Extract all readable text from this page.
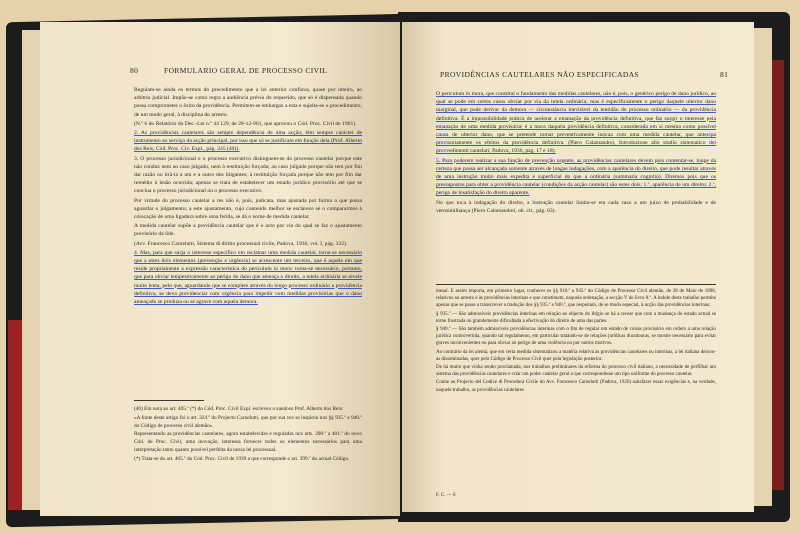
80	FORMULARIO GERAL DE PROCESSO CIVIL

Regulam-se ainda os termos do procedimento que a lei anterior confiava, quase por inteiro, ao arbítrio judicial. Impõe-se como regra a audiência prévia do requerido, que só é dispensada quando possa comprometer o êxito da providência. Permitem-se embargos a esta e sujeita-se o procedimento, de um modo geral, à disciplina do arresto.

(N.º 6 do Relatório do Dec.-Lei n.º 44 129, de 28-12-961, que aprovou o Cód. Proc. Civil de 1961).

2. As providências cautelares são sempre dependência de uma acção; têm sempre carácter de instrumento ao serviço da acção principal, por isso que só se justificam em função dela (Prof. Alberto dos Reis, Cód. Proc. Civ. Expl., pág. 245 (40)).

3. O processo jurisdicional e o processo executivo distinguem-se do processo cautelar porque este não conduz nem ao caso julgado, nem à restituição forçada; ao caso julgado porque não tem por fim dar razão ou tirá-la a um e a outro dos litigantes; à restituição forçada porque não tem por fim dar remédio à lesão ocorrida; apenas se trata de estabelecer um estado jurídico provisório até que se conclua o processo jurisdicional ou o processo executivo.

Por virtude do processo cautelar a res não é, pois, judicata, mas ajustada por forma a que possa aguardar o julgamento; a este ajustamento, cujo conteúdo melhor se esclarece se o compararmos à colocação de uma ligadura sobre uma ferida, se dá o nome de medida cautelar.

A medida cautelar supõe a providência cautelar que é o acto por via do qual se faz o ajustamento provisório da lide.

(Avv. Francesco Carnelutti, Sistema di diritto processual civile, Padova, 1936, vol. I, pág. 332).

4. Mas, para que surja o interesse específico em reclamar uma medida cautelar, torna-se necessário que a estes dois elementos (prevenção e urgência) se acrescente um terceiro, que é aquele em que reside propriamente a expressão característica do periculum in mora: torna-se necessário, portanto, que para obviar tempestivamente ao perigo do dano que ameaça o direito, a tutela ordinária se revele muito lenta, pelo que, aguardando que se complete através do longo processo ordinário a providência definitiva, se deva providenciar com urgência para impedir com medidas provisórias que o dano ameaçado se produza ou se agrave com aquela demora.

(40) Em nota ao art. 405.º (*) do Cód. Proc. Civil Expl. escreveu o saudoso Prof. Alberto dos Reis:

«A fonte deste artigo foi o art. 324.º do Projecto Carnelutti, que por sua vez se inspirou nos §§ 935.º e 940.º do Código de processo civil alemão».

Representando as providências cautelares, agora estabelecidas e reguladas nos arts. 398.º a 401.º do novo Cód. de Proc. Civil, uma inovação, interessa fornecer todos os elementos necessários para uma interpretação tanto quanto possível perfeita da nossa lei processual.

(*) Trata-se do art. 405.º do Cód. Proc. Civil de 1939 a que corresponde o art. 399.º do actual Código.

PROVIDÊNCIAS CAUTELARES NÃO ESPECIFICADAS	81

O periculum in mora, que constitui o fundamento das medidas cautelares, não é, pois, o genérico perigo de dano jurídico, ao qual se pode em certos casos obviar por via da tutela ordinária; mas é especificamente o perigo daquele ulterior dano marginal, que pode derivar da demora — circunstância inevitável da lentidão do processo ordinário — da providência definitiva. É a impossibilidade prática de acelerar a emanação da providência definitiva, que faz surgir o interesse pela emanação de uma medida provisória; é a mora daquela providência definitiva, considerada em si mesma como possível causa de ulterior dano, que se pretende tornar preventivamente inócua com uma medida cautelar, que antecipa provisoriamente os efeitos da providência definitiva. (Piero Calamandrei, Introduzione allo studio sistematico dei provvedimenti cautelari, Padova, 1936, pág. 17 e 18).

5. Para poderem realizar a sua função de prevenção urgente, as providências cautelares devem pois contentar-se, longe da certeza que possa ser alcançada somente através de longas indagações, com a aparência do direito, que pode resultar através de uma instrução muito mais expedita e superficial do que a ordinária (summaria cognitio). Diremos pois que os pressupostos para obter a providência cautelar (condições da acção cautelar) são estes dois: 1.º, aparência de um direito; 2.º, perigo de insatisfação do direito aparente.

No que toca à indagação do direito, a instrução cautelar limita-se em cada caso a um juízo de probabilidade e de verosimilhança (Piero Calamandrei, ob. cit., pág. 63).

mesal. E assim importa, em primeiro lugar, conhecer os §§ 916.º a 945.º do Código de Processo Civil alemão, de 28 de Maio de 1898, relativos ao arresto e às providências interinas e que constituem, naquela ordenação, a secção V do livro 8.º. A índole deste trabalho permite apenas que se passe a transcrever a tradução dos §§ 935.º e 940.º, que respeitam, de se modo especial, à acção das providências interinas:

§ 935.º — São admissíveis providências interinas em relação ao objecto do litígio se há a recear que com a mudança do estado actual se torne frustrada ou grandemente dificultada a efectivação do direito de uma das partes.

§ 940.º — São também admissíveis providências interinas com o fim de regular um estado de coisas provisório em ordem a uma relação jurídica controvertida, quando tal regulamento, em particular tratando-se de relações jurídicas duradouras, se mostre necessário para evitar graves inconvenientes ou para obviar ao perigo de uma violência ou por outros motivos.

Ao contrário da lei alemã, que em certa medida sistematizou a matéria relativa às providências cautelares ou interinas, a lei italiana deixou-as disseminadas, quer pelo Código de Processo Civil quer pela legislação posterior.

De há muito que vinha sendo proclamada, nos trabalhos preliminares da reforma do processo civil italiano, a necessidade de perfilhar um sistema das providências cautelares e criar um poder cautelar geral a que correspondesse um tipo uniforme do processo cautelar.

Coube ao Projecto del Codice di Procedura Civile do Avv. Francesco Carnelutti (Padova, 1926) satisfazer essas exigências e, na verdade, naquele trabalho, as providências cautelares

F. C. — 6
